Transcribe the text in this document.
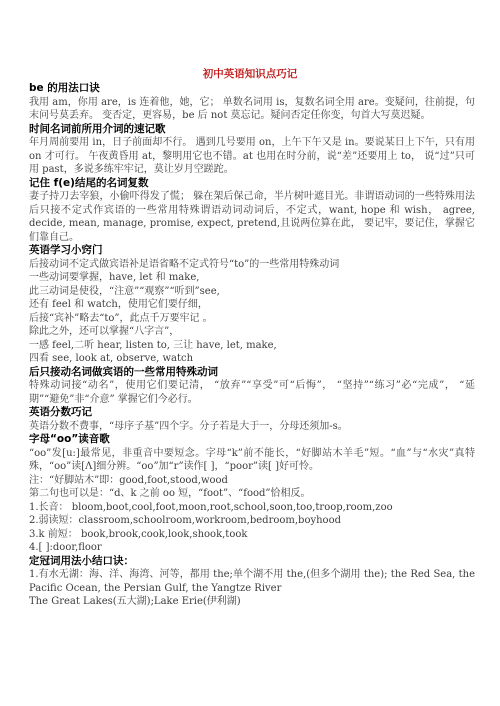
初中英语知识点巧记
be 的用法口诀
我用 am，你用 are，is 连着他，她，它； 单数名词用 is，复数名词全用 are。变疑问，往前提，句末问号莫丢弃。 变否定，更容易，be 后 not 莫忘记。疑问否定任你变，句首大写莫迟疑。
时间名词前所用介词的速记歌
年月周前要用 in，日子前面却不行。 遇到几号要用 on，上午下午又是 in。要说某日上下午，只有用 on 才可行。 午夜黄昏用 at，黎明用它也不错。at 也用在时分前，说“差”还要用上 to， 说“过”只可用 past，多说多练牢牢记，莫让岁月空蹉跎。
记住 f(e)结尾的名词复数
妻子持刀去宰狼，小偷吓得发了慌； 躲在架后保己命，半片树叶遮目光。非谓语动词的一些特殊用法后只接不定式作宾语的一些常用特殊谓语动词动词后，不定式，want, hope 和 wish， agree, decide, mean, manage, promise, expect, pretend,且说两位算在此， 要记牢，要记住，掌握它们靠自己。
英语学习小窍门
后接动词不定式做宾语补足语省略不定式符号“to”的一些常用特殊动词
一些动词要掌握，have, let 和 make,
此三动词是使役，“注意”“观察”“听到”see,
还有 feel 和 watch，使用它们要仔细，
后接“宾补”略去“to”，此点千万要牢记 。
除此之外，还可以掌握“八字言”，
一感 feel,二听 hear, listen to, 三让 have, let, make,
四看 see, look at, observe, watch
后只接动名词做宾语的一些常用特殊动词
特殊动词接“动名”，使用它们要记清， “放弃”“享受”可“后悔”， “坚持”“练习”必“完成”， “延期”“避免”非“介意” 掌握它们今必行。
英语分数巧记
英语分数不费事，“母序子基”四个字。分子若是大于一，分母还须加-s。
字母“oo”读音歌
“oo”发[u:]最常见，非重音中要短念。字母“k”前不能长，“好脚站木羊毛”短。“血”与“水灾”真特殊，“oo”读[Λ]细分辨。“oo”加“r”读作[ ]，“poor”读[ ]好可怜。
注：“好脚站木”即：good,foot,stood,wood
第二句也可以是：“d、k 之前 oo 短，“foot”、“food”恰相反。
1.长音： bloom,boot,cool,foot,moon,root,school,soon,too,troop,room,zoo
2.弱读短：classroom,schoolroom,workroom,bedroom,boyhood
3.k 前短： book,brook,cook,look,shook,took
4.[ ]:door,floor
定冠词用法小结口诀：
1.有水无湖：海、洋、海湾、河等，都用 the;单个湖不用 the,(但多个湖用 the); the Red Sea, the Pacific Ocean, the Persian Gulf, the Yangtze River
The Great Lakes(五大湖);Lake Erie(伊利湖)
